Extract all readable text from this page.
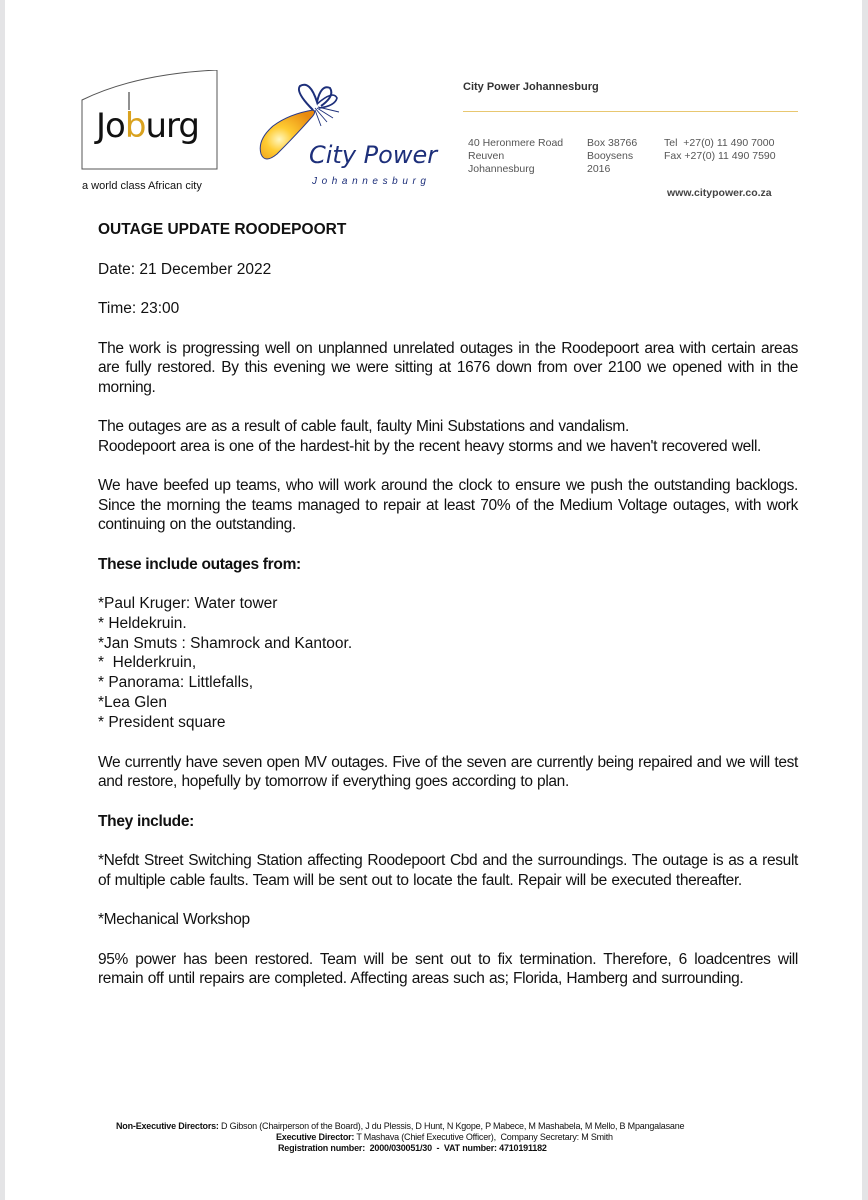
Joburg
a world class African city
City Power
Johannesburg
City Power Johannesburg
40 Heronmere Road
Reuven
Johannesburg
Box 38766
Booysens
2016
Tel  +27(0) 11 490 7000
Fax +27(0) 11 490 7590
www.citypower.co.za
OUTAGE UPDATE ROODEPOORT
Date: 21 December 2022
Time: 23:00
The work is progressing well on unplanned unrelated outages in the Roodepoort area with certain areas are fully restored. By this evening we were sitting at 1676 down from over 2100 we opened with in the morning.
The outages are as a result of cable fault, faulty Mini Substations and vandalism.
Roodepoort area is one of the hardest-hit by the recent heavy storms and we haven't recovered well.
We have beefed up teams, who will work around the clock to ensure we push the outstanding backlogs. Since the morning the teams managed to repair at least 70% of the Medium Voltage outages, with work continuing on the outstanding.
These include outages from:
*Paul Kruger: Water tower
* Heldekruin.
*Jan Smuts : Shamrock and Kantoor.
*  Helderkruin,
* Panorama: Littlefalls,
*Lea Glen
* President square
We currently have seven open MV outages. Five of the seven are currently being repaired and we will test and restore, hopefully by tomorrow if everything goes according to plan.
They include:
*Nefdt Street Switching Station affecting Roodepoort Cbd and the surroundings. The outage is as a result of multiple cable faults. Team will be sent out to locate the fault. Repair will be executed thereafter.
*Mechanical Workshop
95% power has been restored. Team will be sent out to fix termination. Therefore, 6 loadcentres will remain off until repairs are completed. Affecting areas such as; Florida, Hamberg and surrounding.
Non-Executive Directors: D Gibson (Chairperson of the Board), J du Plessis, D Hunt, N Kgope, P Mabece, M Mashabela, M Mello, B Mpangalasane
Executive Director: T Mashava (Chief Executive Officer),  Company Secretary: M Smith
Registration number:  2000/030051/30  -  VAT number: 4710191182
